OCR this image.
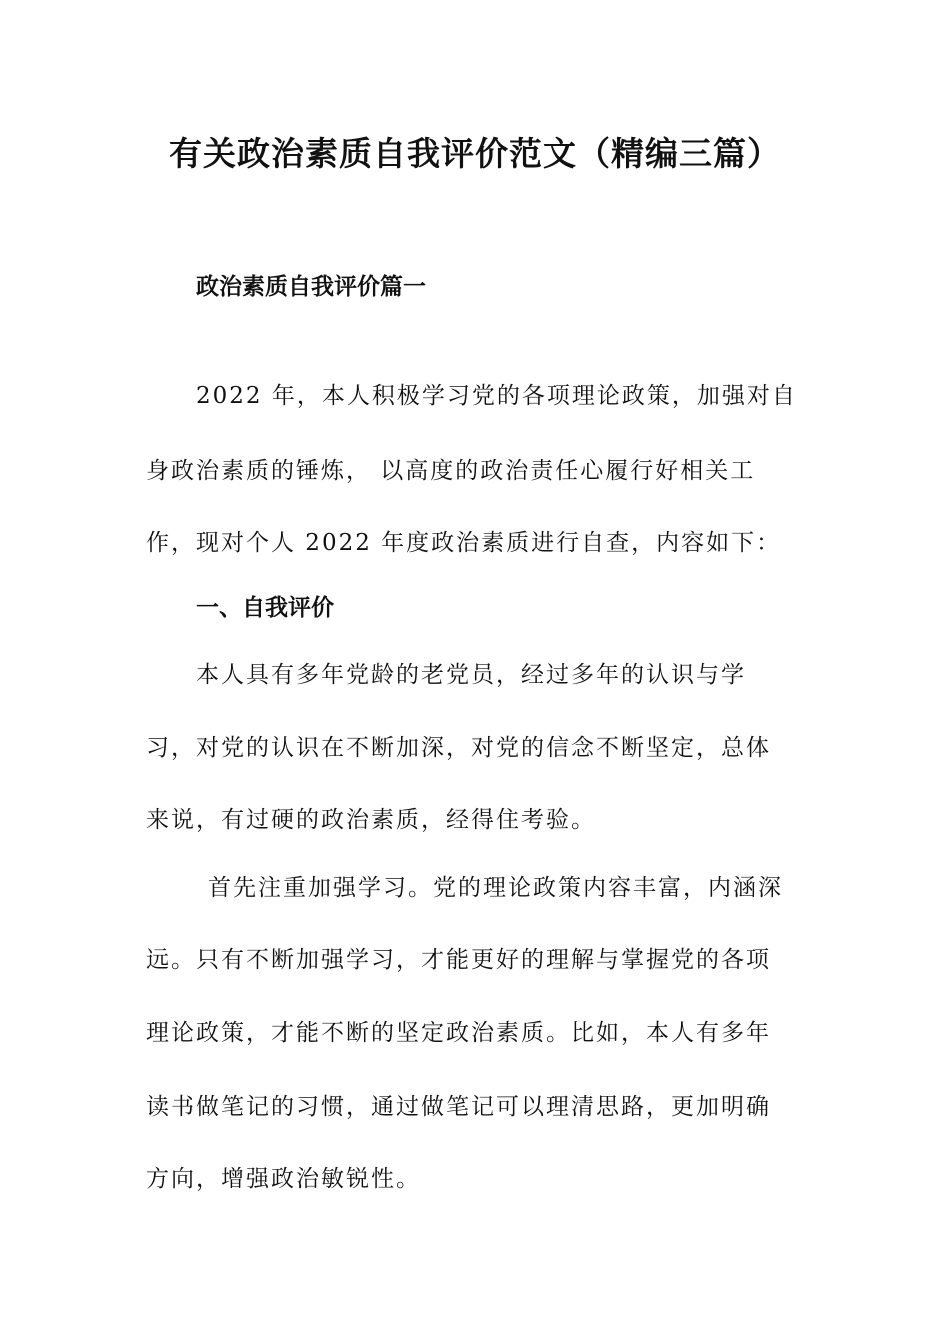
有关政治素质自我评价范文（精编三篇）
政治素质自我评价篇一
2022 年，本人积极学习党的各项理论政策，加强对自
身政治素质的锤炼， 以高度的政治责任心履行好相关工
作，现对个人 2022 年度政治素质进行自查，内容如下：
一、自我评价
本人具有多年党龄的老党员，经过多年的认识与学
习，对党的认识在不断加深，对党的信念不断坚定，总体
来说，有过硬的政治素质，经得住考验。
首先注重加强学习。党的理论政策内容丰富，内涵深
远。只有不断加强学习，才能更好的理解与掌握党的各项
理论政策，才能不断的坚定政治素质。比如，本人有多年
读书做笔记的习惯，通过做笔记可以理清思路，更加明确
方向，增强政治敏锐性。
